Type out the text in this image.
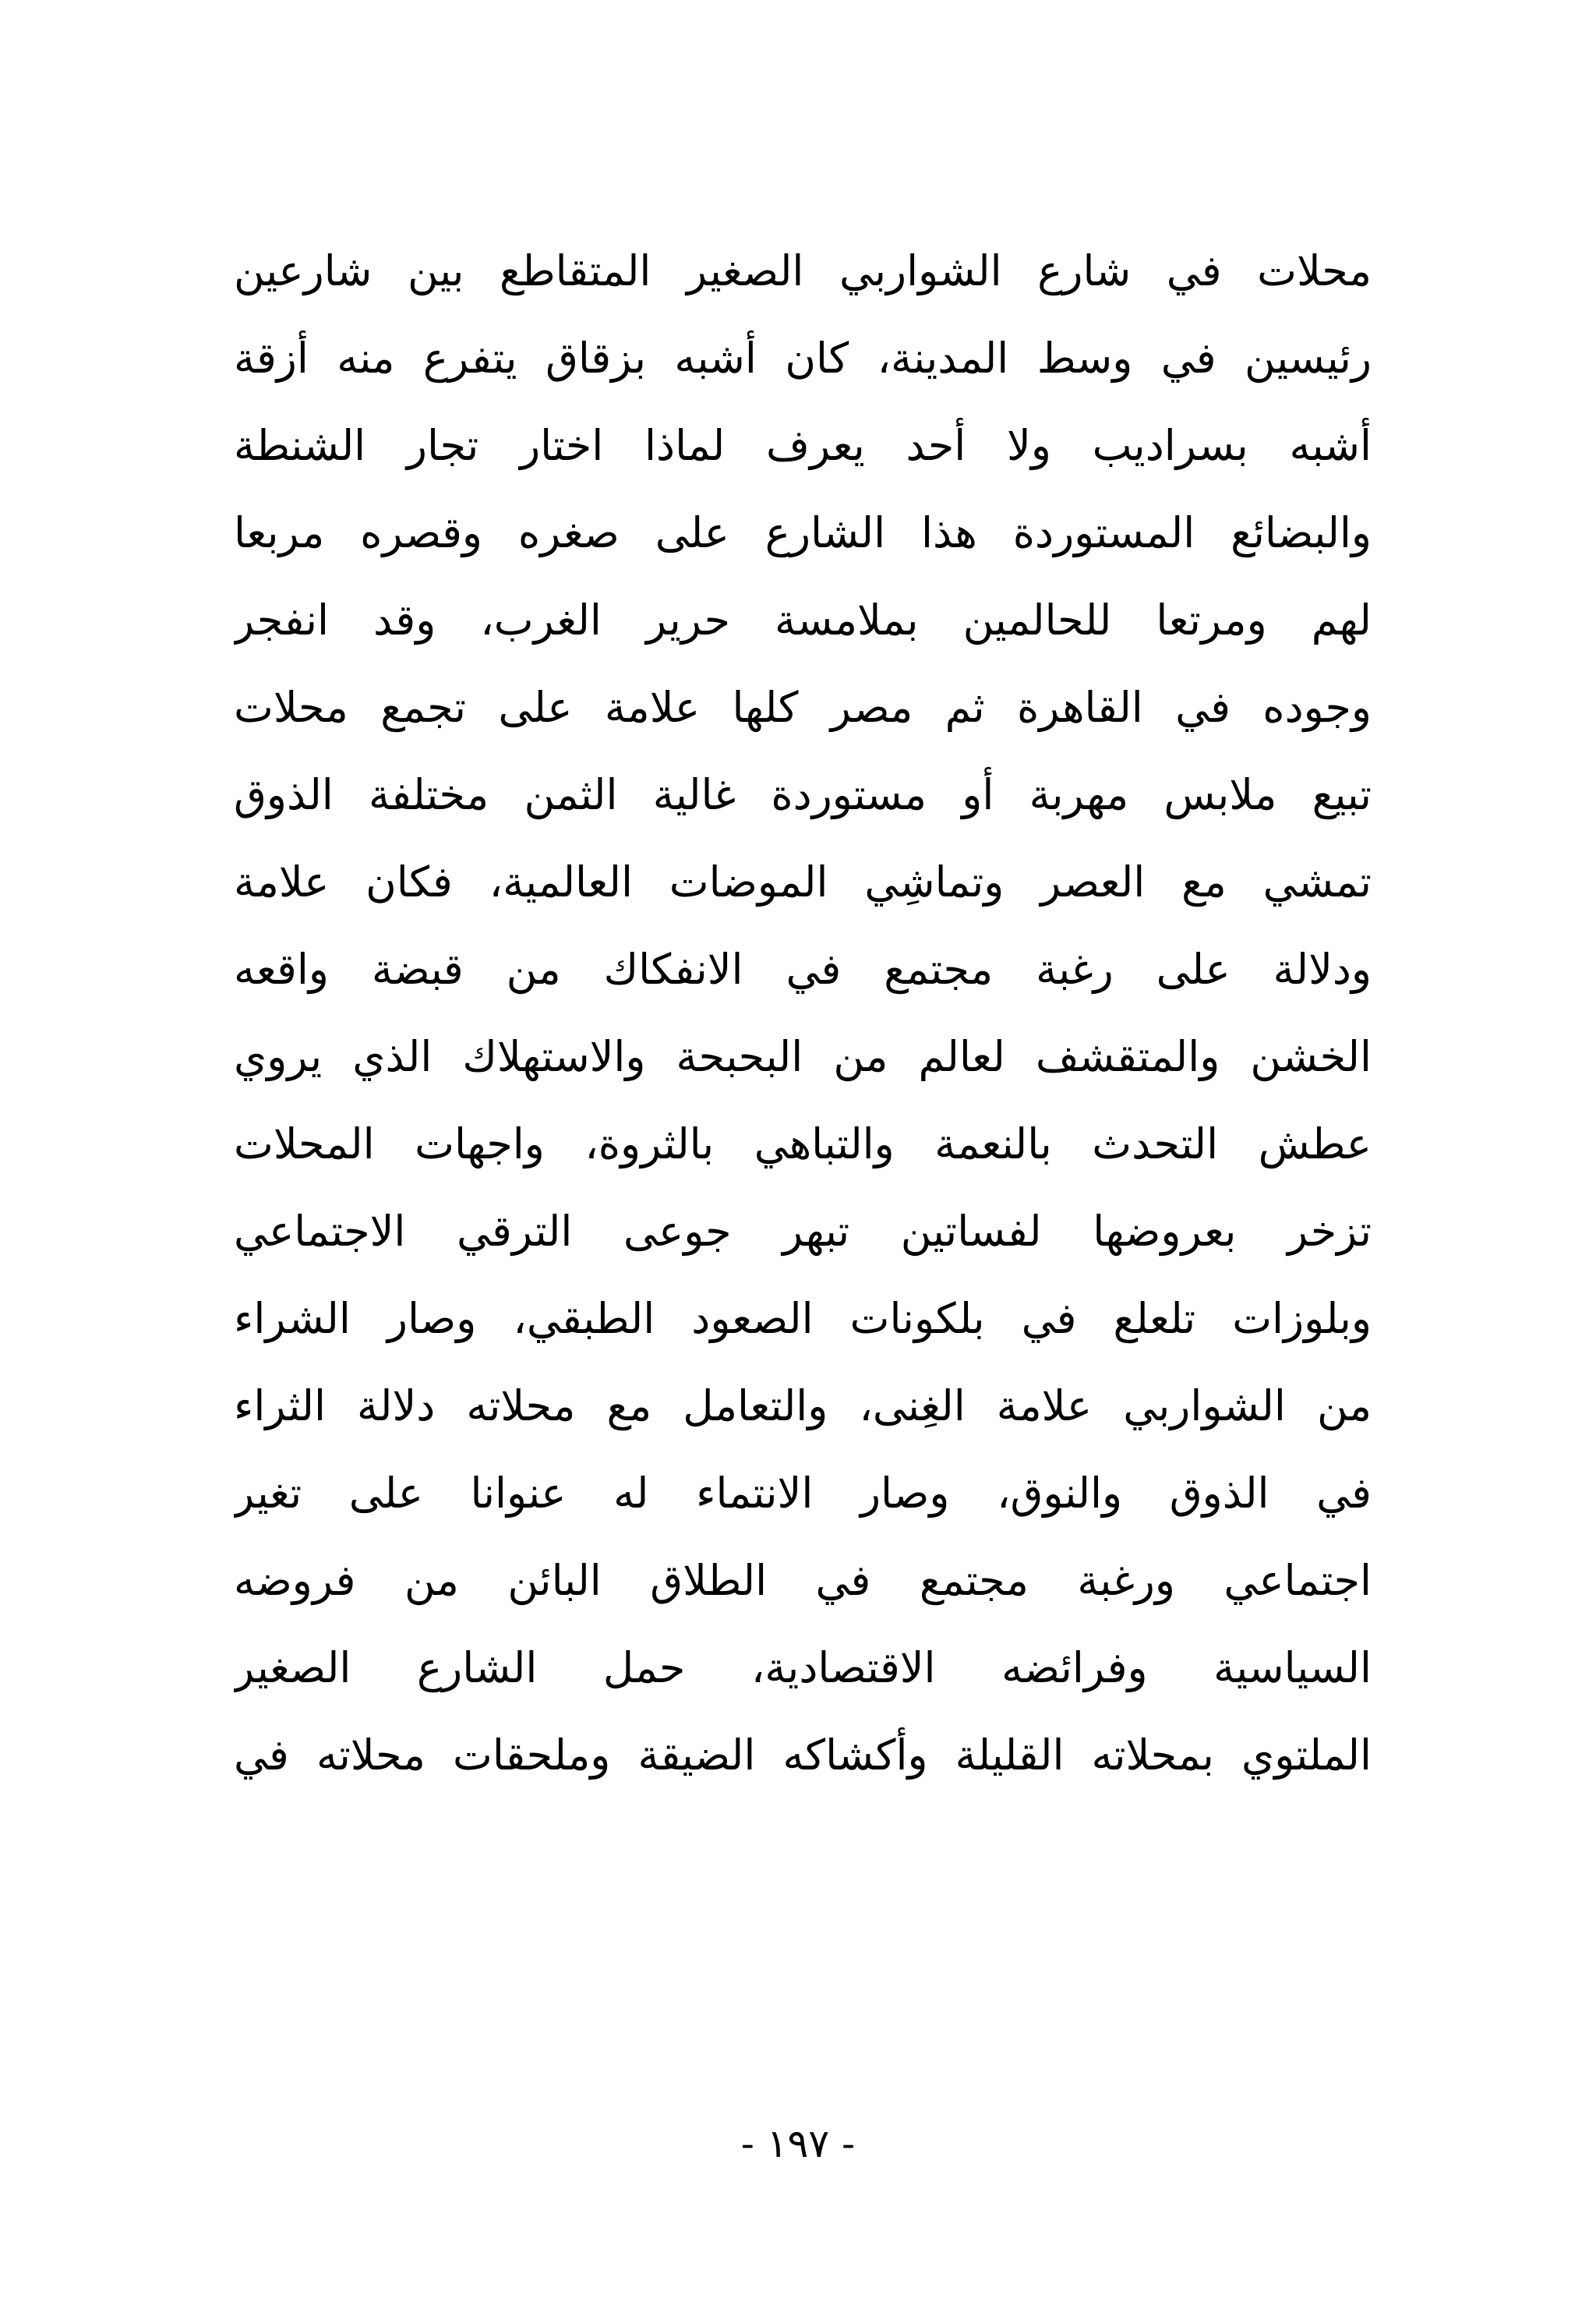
محلات في شارع الشواربي الصغير المتقاطع بين شارعين
رئيسين في وسط المدينة، كان أشبه بزقاق يتفرع منه أزقة
أشبه بسراديب ولا أحد يعرف لماذا اختار تجار الشنطة
والبضائع المستوردة هذا الشارع على صغره وقصره مربعا
لهم ومرتعا للحالمين بملامسة حرير الغرب، وقد انفجر
وجوده في القاهرة ثم مصر كلها علامة على تجمع محلات
تبيع ملابس مهربة أو مستوردة غالية الثمن مختلفة الذوق
تمشي مع العصر وتماشِي الموضات العالمية، فكان علامة
ودلالة على رغبة مجتمع في الانفكاك من قبضة واقعه
الخشن والمتقشف لعالم من البحبحة والاستهلاك الذي يروي
عطش التحدث بالنعمة والتباهي بالثروة، واجهات المحلات
تزخر بعروضها لفساتين تبهر جوعى الترقي الاجتماعي
وبلوزات تلعلع في بلكونات الصعود الطبقي، وصار الشراء
من الشواربي علامة الغِنى، والتعامل مع محلاته دلالة الثراء
في الذوق والنوق، وصار الانتماء له عنوانا على تغير
اجتماعي ورغبة مجتمع في الطلاق البائن من فروضه
السياسية وفرائضه الاقتصادية، حمل الشارع الصغير
الملتوي بمحلاته القليلة وأكشاكه الضيقة وملحقات محلاته في
- ١٩٧ -
